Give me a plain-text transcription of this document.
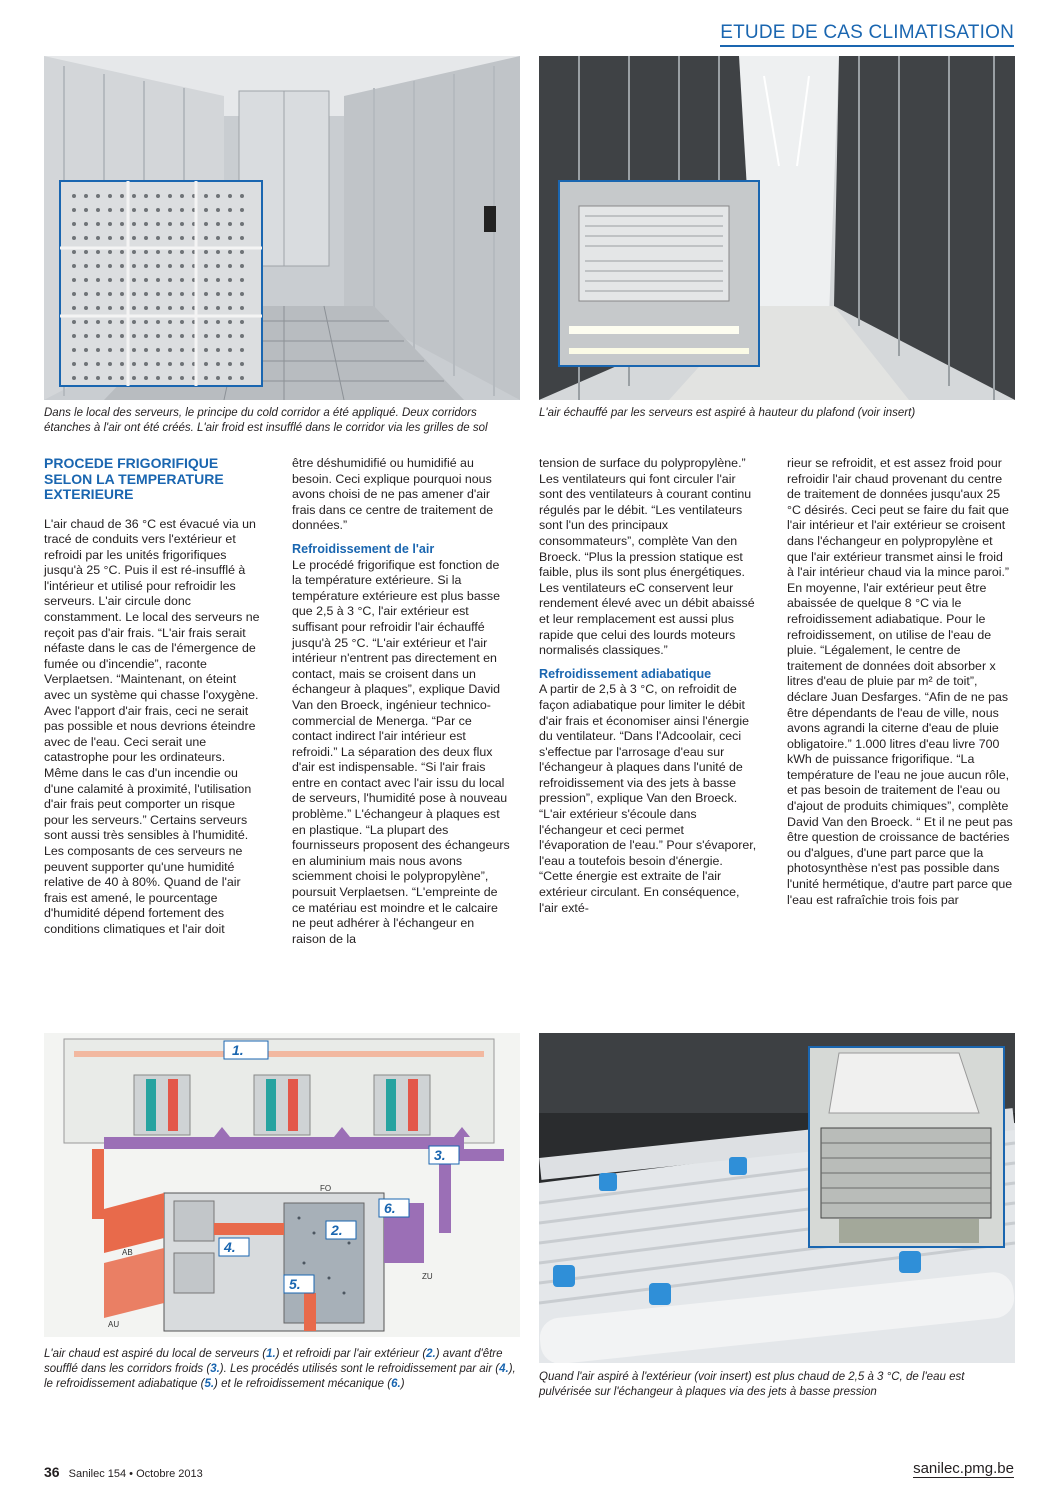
ETUDE DE CAS CLIMATISATION
Dans le local des serveurs, le principe du cold corridor a été appliqué. Deux corridors étanches à l'air ont été créés. L'air froid est insufflé dans le corridor via les grilles de sol
L'air échauffé par les serveurs est aspiré à hauteur du plafond (voir insert)
PROCEDE FRIGORIFIQUE SELON LA TEMPERATURE EXTERIEURE

L'air chaud de 36 °C est évacué via un tracé de conduits vers l'extérieur et refroidi par les unités frigorifiques jusqu'à 25 °C. Puis il est ré-insufflé à l'intérieur et utilisé pour refroidir les serveurs. L'air circule donc constamment. Le local des serveurs ne reçoit pas d'air frais. “L'air frais serait néfaste dans le cas de l'émergence de fumée ou d'incendie”, raconte Verplaetsen. “Maintenant, on éteint avec un système qui chasse l'oxygène. Avec l'apport d'air frais, ceci ne serait pas possible et nous devrions éteindre avec de l'eau. Ceci serait une catastrophe pour les ordinateurs. Même dans le cas d'un incendie ou d'une calamité à proximité, l'utilisation d'air frais peut comporter un risque pour les serveurs.” Certains serveurs sont aussi très sensibles à l'humidité. Les composants de ces serveurs ne peuvent supporter qu'une humidité relative de 40 à 80%. Quand de l'air frais est amené, le pourcentage d'humidité dépend fortement des conditions climatiques et l'air doit

être déshumidifié ou humidifié au besoin. Ceci explique pourquoi nous avons choisi de ne pas amener d'air frais dans ce centre de traitement de données.”

Refroidissement de l'air

Le procédé frigorifique est fonction de la température extérieure. Si la température extérieure est plus basse que 2,5 à 3 °C, l'air extérieur est suffisant pour refroidir l'air échauffé jusqu'à 25 °C. “L'air extérieur et l'air intérieur n'entrent pas directement en contact, mais se croisent dans un échangeur à plaques”, explique David Van den Broeck, ingénieur technico-commercial de Menerga. “Par ce contact indirect l'air intérieur est refroidi.” La séparation des deux flux d'air est indispensable. “Si l'air frais entre en contact avec l'air issu du local de serveurs, l'humidité pose à nouveau problème.” L'échangeur à plaques est en plastique. “La plupart des fournisseurs proposent des échangeurs en aluminium mais nous avons sciemment choisi le polypropylène”, poursuit Verplaetsen. “L'empreinte de ce matériau est moindre et le calcaire ne peut adhérer à l'échangeur en raison de la

tension de surface du polypropylène.” Les ventilateurs qui font circuler l'air sont des ventilateurs à courant continu régulés par le débit. “Les ventilateurs sont l'un des principaux consommateurs”, complète Van den Broeck. “Plus la pression statique est faible, plus ils sont plus énergétiques. Les ventilateurs eC conservent leur rendement élevé avec un débit abaissé et leur remplacement est aussi plus rapide que celui des lourds moteurs normalisés classiques.”

Refroidissement adiabatique

A partir de 2,5 à 3 °C, on refroidit de façon adiabatique pour limiter le débit d'air frais et économiser ainsi l'énergie du ventilateur. “Dans l'Adcoolair, ceci s'effectue par l'arrosage d'eau sur l'échangeur à plaques dans l'unité de refroidissement via des jets à basse pression”, explique Van den Broeck. “L'air extérieur s'écoule dans l'échangeur et ceci permet l'évaporation de l'eau.” Pour s'évaporer, l'eau a toutefois besoin d'énergie. “Cette énergie est extraite de l'air extérieur circulant. En conséquence, l'air exté-

rieur se refroidit, et est assez froid pour refroidir l'air chaud provenant du centre de traitement de données jusqu'aux 25 °C désirés. Ceci peut se faire du fait que l'air intérieur et l'air extérieur se croisent dans l'échangeur en polypropylène et que l'air extérieur transmet ainsi le froid à l'air intérieur chaud via la mince paroi.” En moyenne, l'air extérieur peut être abaissée de quelque 8 °C via le refroidissement adiabatique. Pour le refroidissement, on utilise de l'eau de pluie. “Légalement, le centre de traitement de données doit absorber x litres d'eau de pluie par m² de toit”, déclare Juan Desfarges. “Afin de ne pas être dépendants de l'eau de ville, nous avons agrandi la citerne d'eau de pluie obligatoire.” 1.000 litres d'eau livre 700 kWh de puissance frigorifique. “La température de l'eau ne joue aucun rôle, et pas besoin de traitement de l'eau ou d'ajout de produits chimiques”, complète David Van den Broeck. “ Et il ne peut pas être question de croissance de bactéries ou d'algues, d'une part parce que la photosynthèse n'est pas possible dans l'unité hermétique, d'autre part parce que l'eau est rafraîchie trois fois par

1.
3.
4.
2.
6.
5.
FO
AB
AU
ZU
L'air chaud est aspiré du local de serveurs (1.) et refroidi par l'air extérieur (2.) avant d'être soufflé dans les corridors froids (3.). Les procédés utilisés sont le refroidissement par air (4.), le refroidissement adiabatique (5.) et le refroidissement mécanique (6.)
Quand l'air aspiré à l'extérieur (voir insert) est plus chaud de 2,5 à 3 °C, de l'eau est pulvérisée sur l'échangeur à plaques via des jets à basse pression
36 Sanilec 154 • Octobre 2013	sanilec.pmg.be
